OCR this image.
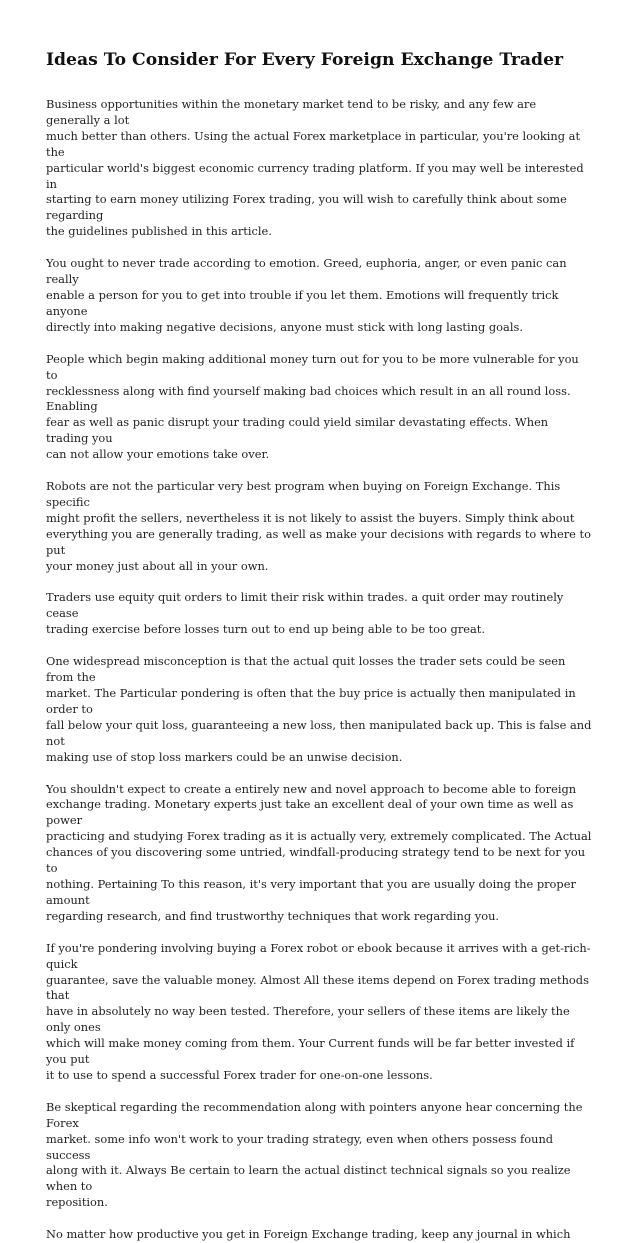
Ideas To Consider For Every Foreign Exchange Trader

Business opportunities within the monetary market tend to be risky, and any few are generally a lot
much better than others. Using the actual Forex marketplace in particular, you're looking at the
particular world's biggest economic currency trading platform. If you may well be interested in
starting to earn money utilizing Forex trading, you will wish to carefully think about some regarding
the guidelines published in this article.

You ought to never trade according to emotion. Greed, euphoria, anger, or even panic can really
enable a person for you to get into trouble if you let them. Emotions will frequently trick anyone
directly into making negative decisions, anyone must stick with long lasting goals.

People which begin making additional money turn out for you to be more vulnerable for you to
recklessness along with find yourself making bad choices which result in an all round loss. Enabling
fear as well as panic disrupt your trading could yield similar devastating effects. When trading you
can not allow your emotions take over.

Robots are not the particular very best program when buying on Foreign Exchange. This specific
might profit the sellers, nevertheless it is not likely to assist the buyers. Simply think about
everything you are generally trading, as well as make your decisions with regards to where to put
your money just about all in your own.

Traders use equity quit orders to limit their risk within trades. a quit order may routinely cease
trading exercise before losses turn out to end up being able to be too great.

One widespread misconception is that the actual quit losses the trader sets could be seen from the
market. The Particular pondering is often that the buy price is actually then manipulated in order to
fall below your quit loss, guaranteeing a new loss, then manipulated back up. This is false and not
making use of stop loss markers could be an unwise decision.

You shouldn't expect to create a entirely new and novel approach to become able to foreign
exchange trading. Monetary experts just take an excellent deal of your own time as well as power
practicing and studying Forex trading as it is actually very, extremely complicated. The Actual
chances of you discovering some untried, windfall-producing strategy tend to be next for you to
nothing. Pertaining To this reason, it's very important that you are usually doing the proper amount
regarding research, and find trustworthy techniques that work regarding you.

If you're pondering involving buying a Forex robot or ebook because it arrives with a get-rich-quick
guarantee, save the valuable money. Almost All these items depend on Forex trading methods that
have in absolutely no way been tested. Therefore, your sellers of these items are likely the only ones
which will make money coming from them. Your Current funds will be far better invested if you put
it to use to spend a successful Forex trader for one-on-one lessons.

Be skeptical regarding the recommendation along with pointers anyone hear concerning the Forex
market. some info won't work to your trading strategy, even when others possess found success
along with it. Always Be certain to learn the actual distinct technical signals so you realize when to
reposition.

No matter how productive you get in Foreign Exchange trading, keep any journal in which
